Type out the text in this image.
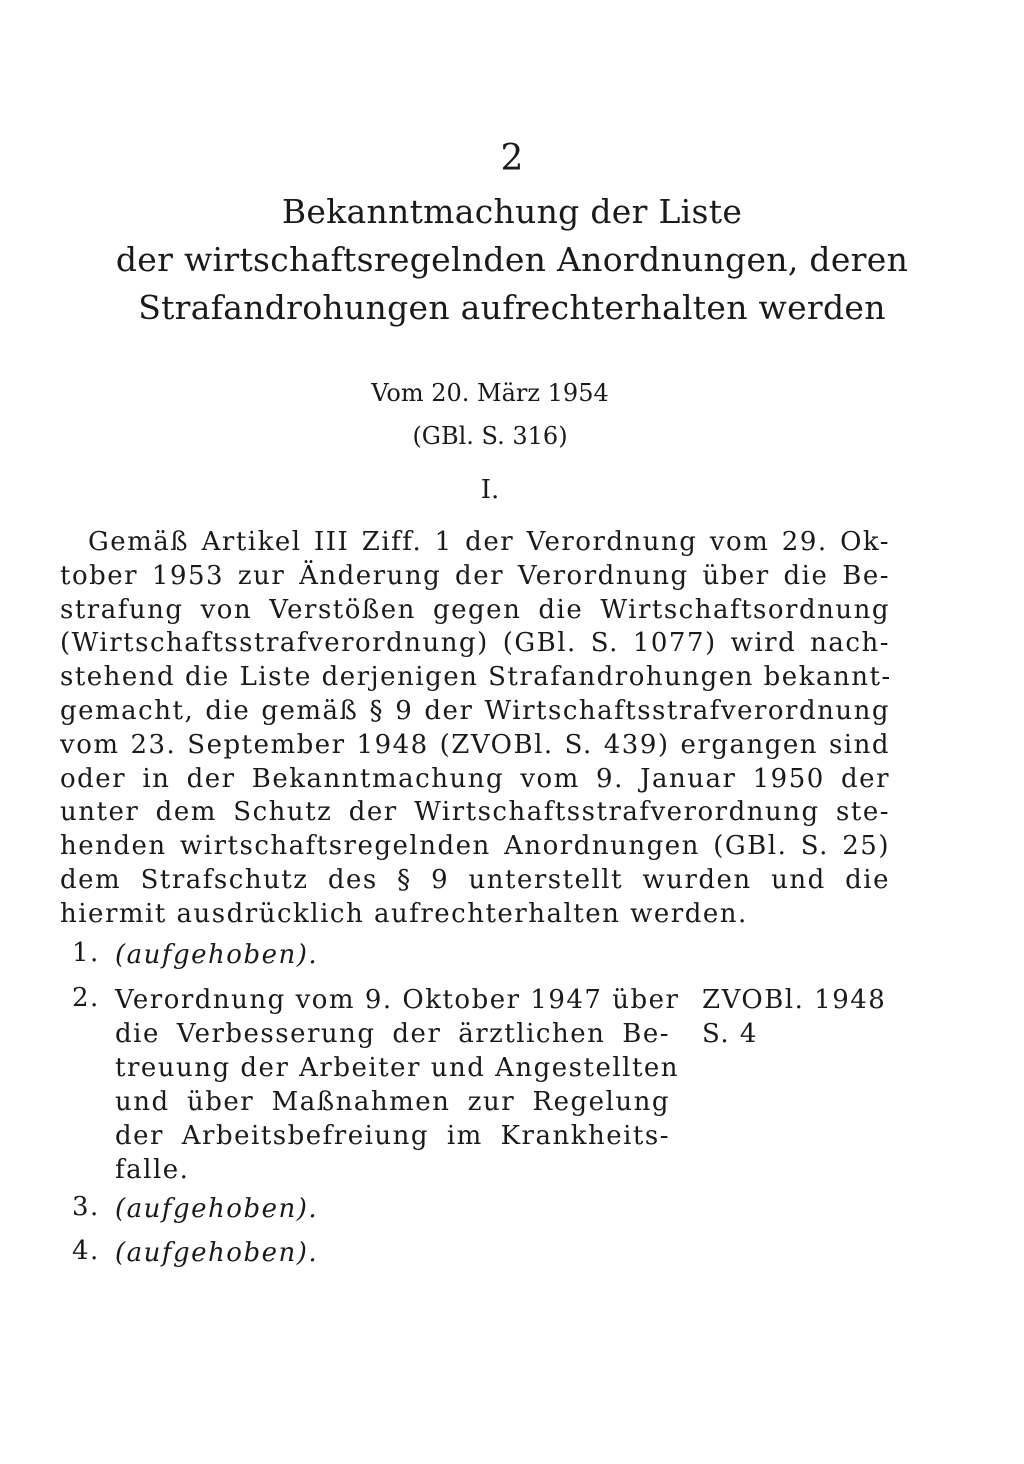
2
Bekanntmachung der Liste
der wirtschaftsregelnden Anordnungen, deren
Strafandrohungen aufrechterhalten werden
Vom 20. März 1954
(GBl. S. 316)
I.
Gemäß Artikel III Ziff. 1 der Verordnung vom 29. Ok-
tober 1953 zur Änderung der Verordnung über die Be-
strafung von Verstößen gegen die Wirtschaftsordnung
(Wirtschaftsstrafverordnung) (GBl. S. 1077) wird nach-
stehend die Liste derjenigen Strafandrohungen bekannt-
gemacht, die gemäß § 9 der Wirtschaftsstrafverordnung
vom 23. September 1948 (ZVOBl. S. 439) ergangen sind
oder in der Bekanntmachung vom 9. Januar 1950 der
unter dem Schutz der Wirtschaftsstrafverordnung ste-
henden wirtschaftsregelnden Anordnungen (GBl. S. 25)
dem Strafschutz des § 9 unterstellt wurden und die
hiermit ausdrücklich aufrechterhalten werden.
1. (aufgehoben).
2. Verordnung vom 9. Oktober 1947 über
die Verbesserung der ärztlichen Be-
treuung der Arbeiter und Angestellten
und über Maßnahmen zur Regelung
der Arbeitsbefreiung im Krankheits-
falle.
ZVOBl. 1948
S. 4
3. (aufgehoben).
4. (aufgehoben).
